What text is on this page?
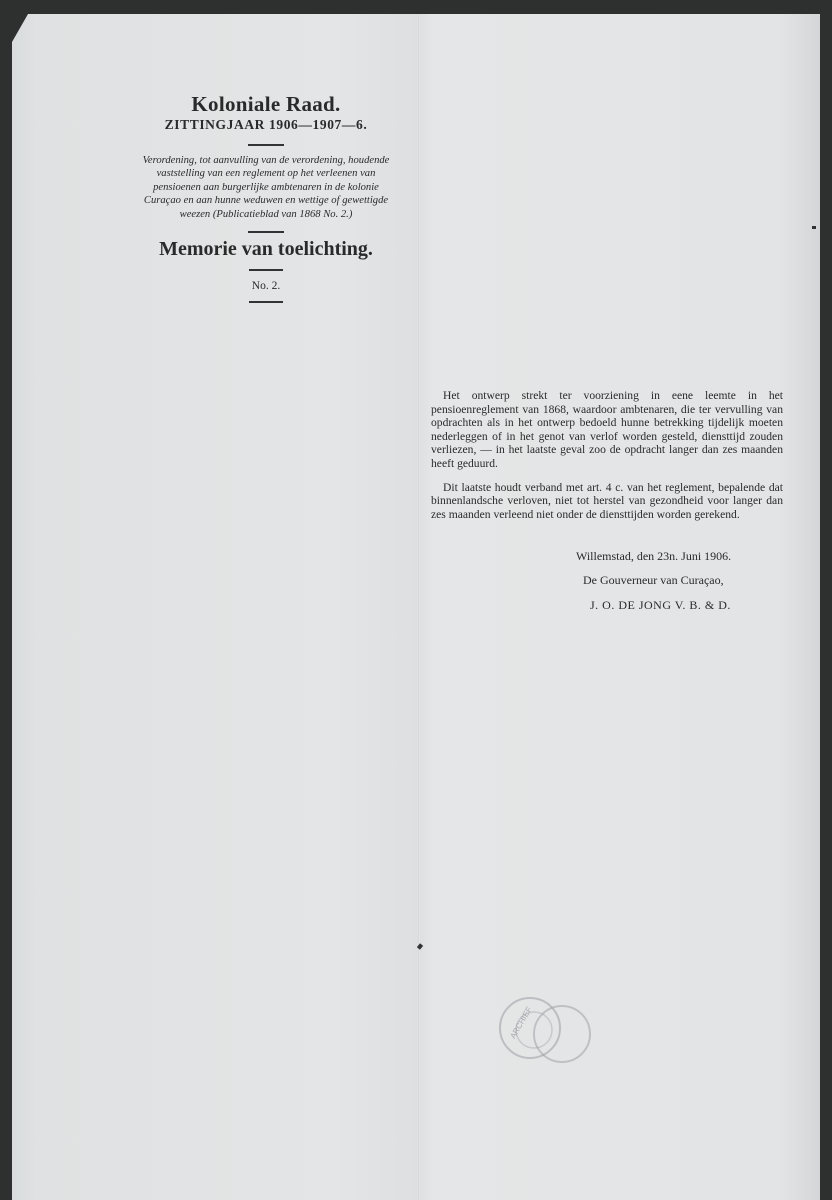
Koloniale Raad.
ZITTINGJAAR 1906—1907—6.
Verordening, tot aanvulling van de verordening, houdende vaststelling van een reglement op het verleenen van pensioenen aan burgerlijke ambtenaren in de kolonie Curaçao en aan hunne weduwen en wettige of gewettigde weezen (Publicatieblad van 1868 No. 2.)
Memorie van toelichting.
No. 2.

Het ontwerp strekt ter voorziening in eene leemte in het pensioenreglement van 1868, waardoor ambtenaren, die ter vervulling van opdrachten als in het ontwerp bedoeld hunne betrekking tijdelijk moeten nederleggen of in het genot van verlof worden gesteld, diensttijd zouden verliezen, — in het laatste geval zoo de opdracht langer dan zes maanden heeft geduurd.

Dit laatste houdt verband met art. 4 c. van het reglement, bepalende dat binnenlandsche verloven, niet tot herstel van gezondheid voor langer dan zes maanden verleend niet onder de diensttijden worden gerekend.

Willemstad, den 23n. Juni 1906.
De Gouverneur van Curaçao,
J. O. DE JONG V. B. & D.
ARCHIEF
